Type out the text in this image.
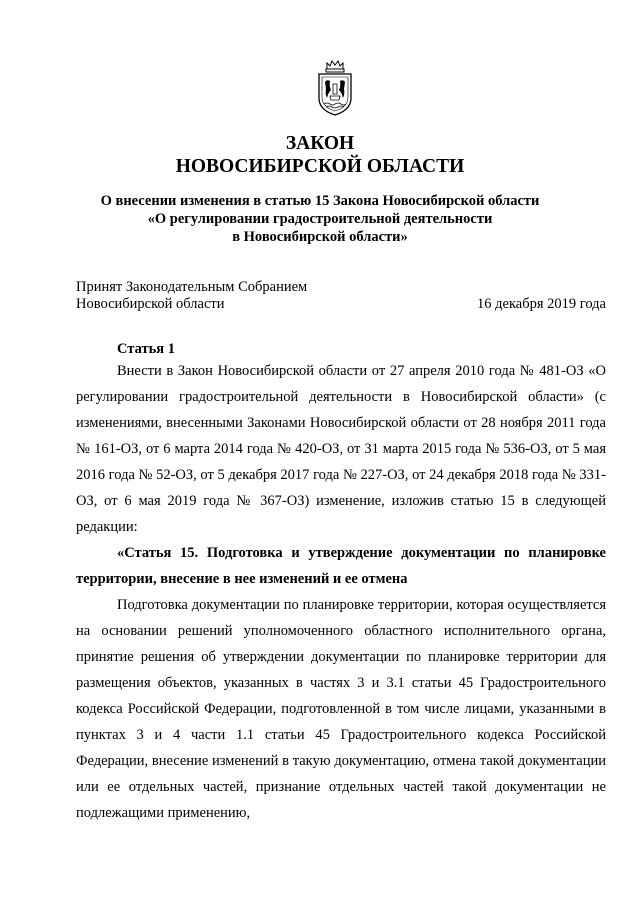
ЗАКОН

НОВОСИБИРСКОЙ ОБЛАСТИ

О внесении изменения в статью 15 Закона Новосибирской области

«О регулировании градостроительной деятельности

в Новосибирской области»

Принят Законодательным Собранием

Новосибирской области	16 декабря 2019 года

Статья 1

Внести в Закон Новосибирской области от 27 апреля 2010 года № 481-ОЗ «О регулировании градостроительной деятельности в Новосибирской области» (с изменениями, внесенными Законами Новосибирской области от 28 ноября 2011 года № 161-ОЗ, от 6 марта 2014 года № 420-ОЗ, от 31 марта 2015 года № 536-ОЗ, от 5 мая 2016 года № 52-ОЗ, от 5 декабря 2017 года № 227-ОЗ, от 24 декабря 2018 года № 331-ОЗ, от 6 мая 2019 года № 367-ОЗ) изменение, изложив статью 15 в следующей редакции:

«Статья 15. Подготовка и утверждение документации по планировке территории, внесение в нее изменений и ее отмена

Подготовка документации по планировке территории, которая осуществляется на основании решений уполномоченного областного исполнительного органа, принятие решения об утверждении документации по планировке территории для размещения объектов, указанных в частях 3 и 3.1 статьи 45 Градостроительного кодекса Российской Федерации, подготовленной в том числе лицами, указанными в пунктах 3 и 4 части 1.1 статьи 45 Градостроительного кодекса Российской Федерации, внесение изменений в такую документацию, отмена такой документации или ее отдельных частей, признание отдельных частей такой документации не подлежащими применению,
